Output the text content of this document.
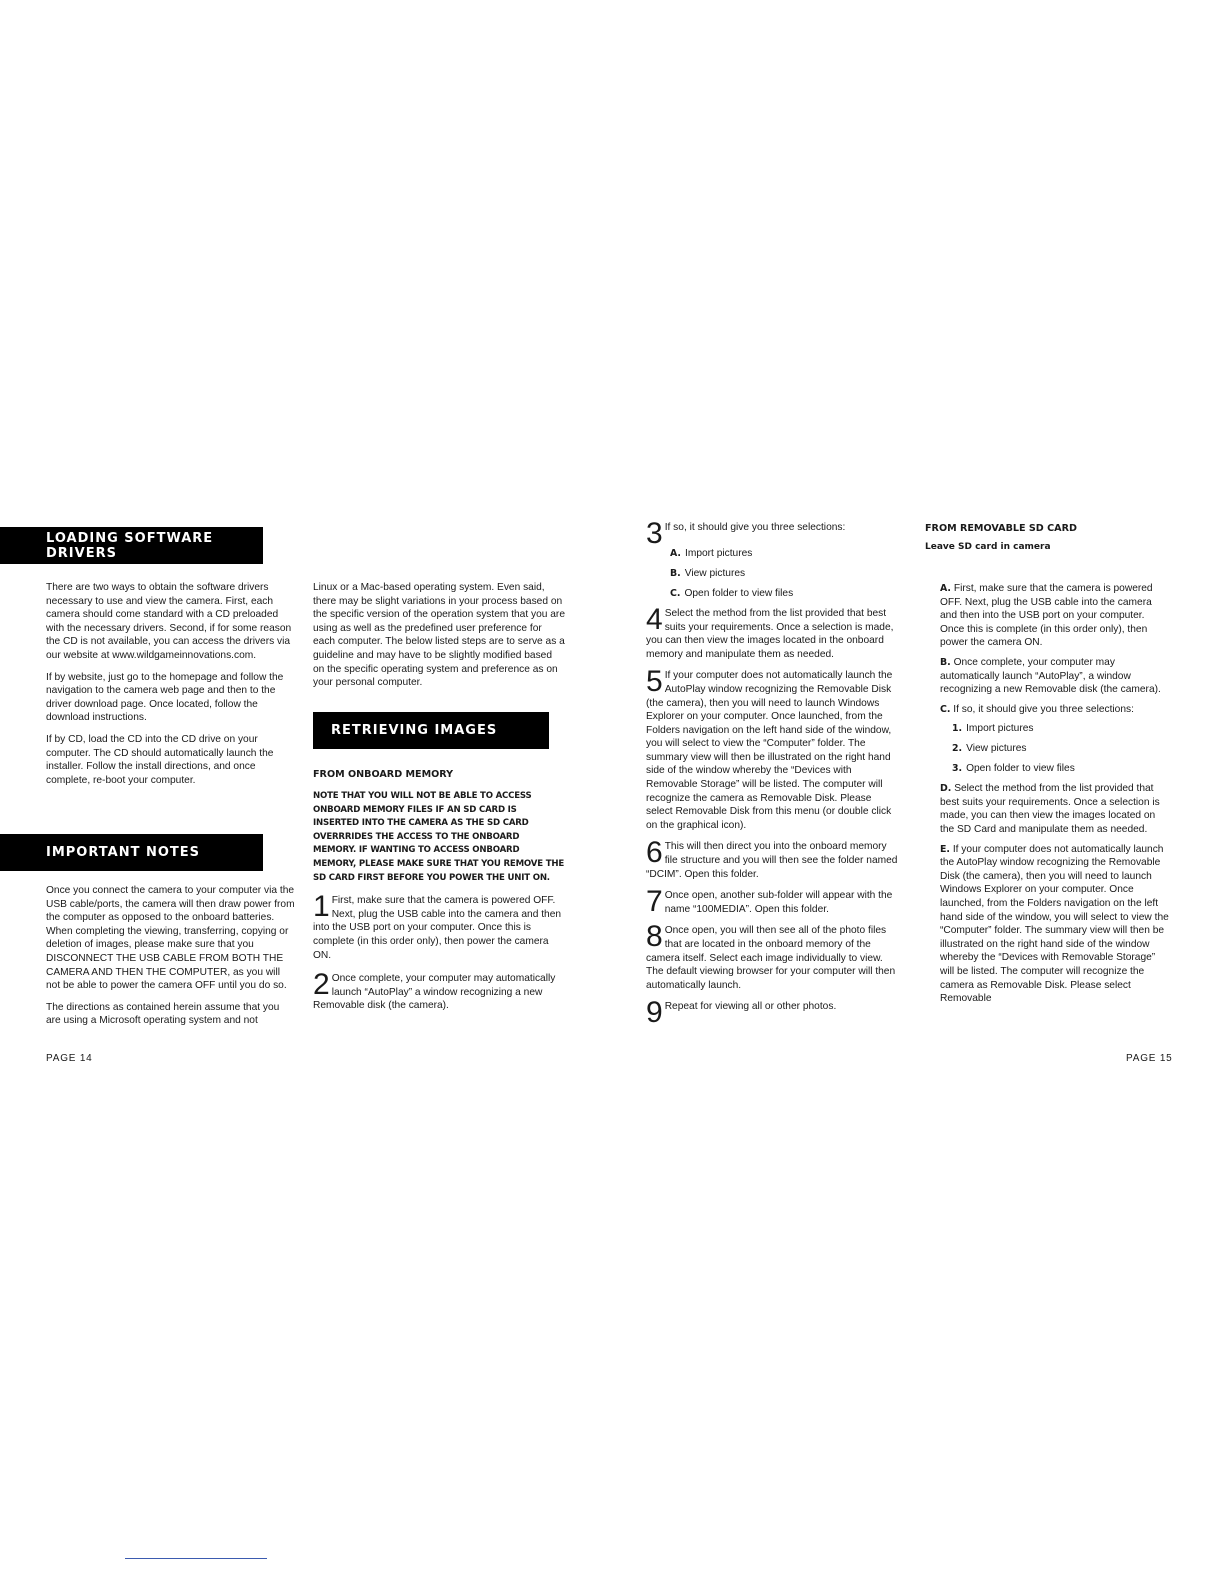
LOADING SOFTWARE DRIVERS

There are two ways to obtain the software drivers necessary to use and view the camera. First, each camera should come standard with a CD preloaded with the necessary drivers. Second, if for some reason the CD is not available, you can access the drivers via our website at www.wildgameinnovations.com.

If by website, just go to the homepage and follow the navigation to the camera web page and then to the driver download page. Once located, follow the download instructions.

If by CD, load the CD into the CD drive on your computer. The CD should automatically launch the installer. Follow the install directions, and once complete, re-boot your computer.

IMPORTANT NOTES

Once you connect the camera to your computer via the USB cable/ports, the camera will then draw power from the computer as opposed to the onboard batteries. When completing the viewing, transferring, copying or deletion of images, please make sure that you DISCONNECT THE USB CABLE FROM BOTH THE CAMERA AND THEN THE COMPUTER, as you will not be able to power the camera OFF until you do so.

The directions as contained herein assume that you are using a Microsoft operating system and not

Linux or a Mac-based operating system. Even said, there may be slight variations in your process based on the specific version of the operation system that you are using as well as the predefined user preference for each computer. The below listed steps are to serve as a guideline and may have to be slightly modified based on the specific operating system and preference as on your personal computer.

RETRIEVING IMAGES

FROM ONBOARD MEMORY

NOTE THAT YOU WILL NOT BE ABLE TO ACCESS ONBOARD MEMORY FILES IF AN SD CARD IS INSERTED INTO THE CAMERA AS THE SD CARD OVERRRIDES THE ACCESS TO THE ONBOARD MEMORY. IF WANTING TO ACCESS ONBOARD MEMORY, PLEASE MAKE SURE THAT YOU REMOVE THE SD CARD FIRST BEFORE YOU POWER THE UNIT ON.

1 First, make sure that the camera is powered OFF. Next, plug the USB cable into the camera and then into the USB port on your computer. Once this is complete (in this order only), then power the camera ON.
2 Once complete, your computer may automatically launch “AutoPlay” a window recognizing a new Removable disk (the camera).
PAGE 14
3 If so, it should give you three selections:
A. Import pictures
B. View pictures
C. Open folder to view files
4 Select the method from the list provided that best suits your requirements. Once a selection is made, you can then view the images located in the onboard memory and manipulate them as needed.
5 If your computer does not automatically launch the AutoPlay window recognizing the Removable Disk (the camera), then you will need to launch Windows Explorer on your computer. Once launched, from the Folders navigation on the left hand side of the window, you will select to view the “Computer” folder. The summary view will then be illustrated on the right hand side of the window whereby the “Devices with Removable Storage” will be listed. The computer will recognize the camera as Removable Disk. Please select Removable Disk from this menu (or double click on the graphical icon).
6 This will then direct you into the onboard memory file structure and you will then see the folder named “DCIM”. Open this folder.
7 Once open, another sub-folder will appear with the name “100MEDIA”. Open this folder.
8 Once open, you will then see all of the photo files that are located in the onboard memory of the camera itself. Select each image individually to view. The default viewing browser for your computer will then automatically launch.
9 Repeat for viewing all or other photos.

FROM REMOVABLE SD CARD

Leave SD card in camera

A. First, make sure that the camera is powered OFF. Next, plug the USB cable into the camera and then into the USB port on your computer. Once this is complete (in this order only), then power the camera ON.

B. Once complete, your computer may automatically launch “AutoPlay”, a window recognizing a new Removable disk (the camera).

C. If so, it should give you three selections:

1. Import pictures
2. View pictures
3. Open folder to view files

D. Select the method from the list provided that best suits your requirements. Once a selection is made, you can then view the images located on the SD Card and manipulate them as needed.

E. If your computer does not automatically launch the AutoPlay window recognizing the Removable Disk (the camera), then you will need to launch Windows Explorer on your computer. Once launched, from the Folders navigation on the left hand side of the window, you will select to view the “Computer” folder. The summary view will then be illustrated on the right hand side of the window whereby the “Devices with Removable Storage” will be listed. The computer will recognize the camera as Removable Disk. Please select Removable

PAGE 15
